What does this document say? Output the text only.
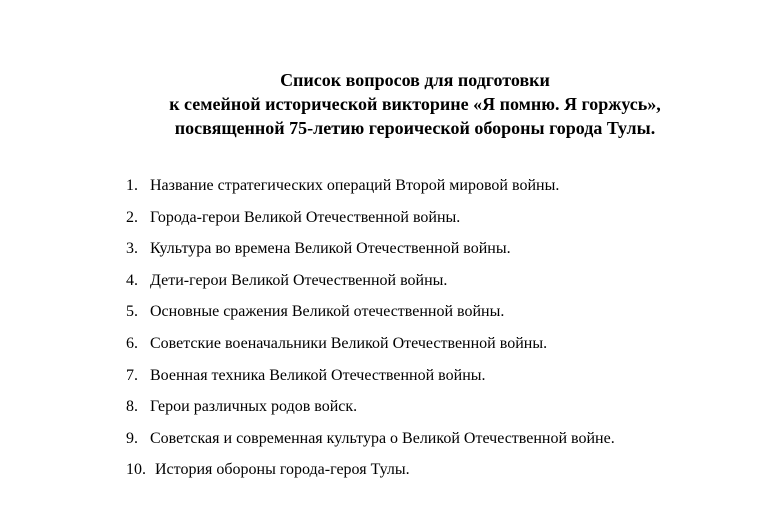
Список вопросов для подготовки
к семейной исторической викторине «Я помню. Я горжусь»,
посвященной 75-летию героической обороны города Тулы.
1. Название стратегических операций Второй мировой войны.
2. Города-герои Великой Отечественной войны.
3. Культура во времена Великой Отечественной войны.
4. Дети-герои Великой Отечественной войны.
5. Основные сражения Великой отечественной войны.
6. Советские военачальники Великой Отечественной войны.
7. Военная техника Великой Отечественной войны.
8. Герои различных родов войск.
9. Советская и современная культура о Великой Отечественной войне.
10. История обороны города-героя Тулы.
